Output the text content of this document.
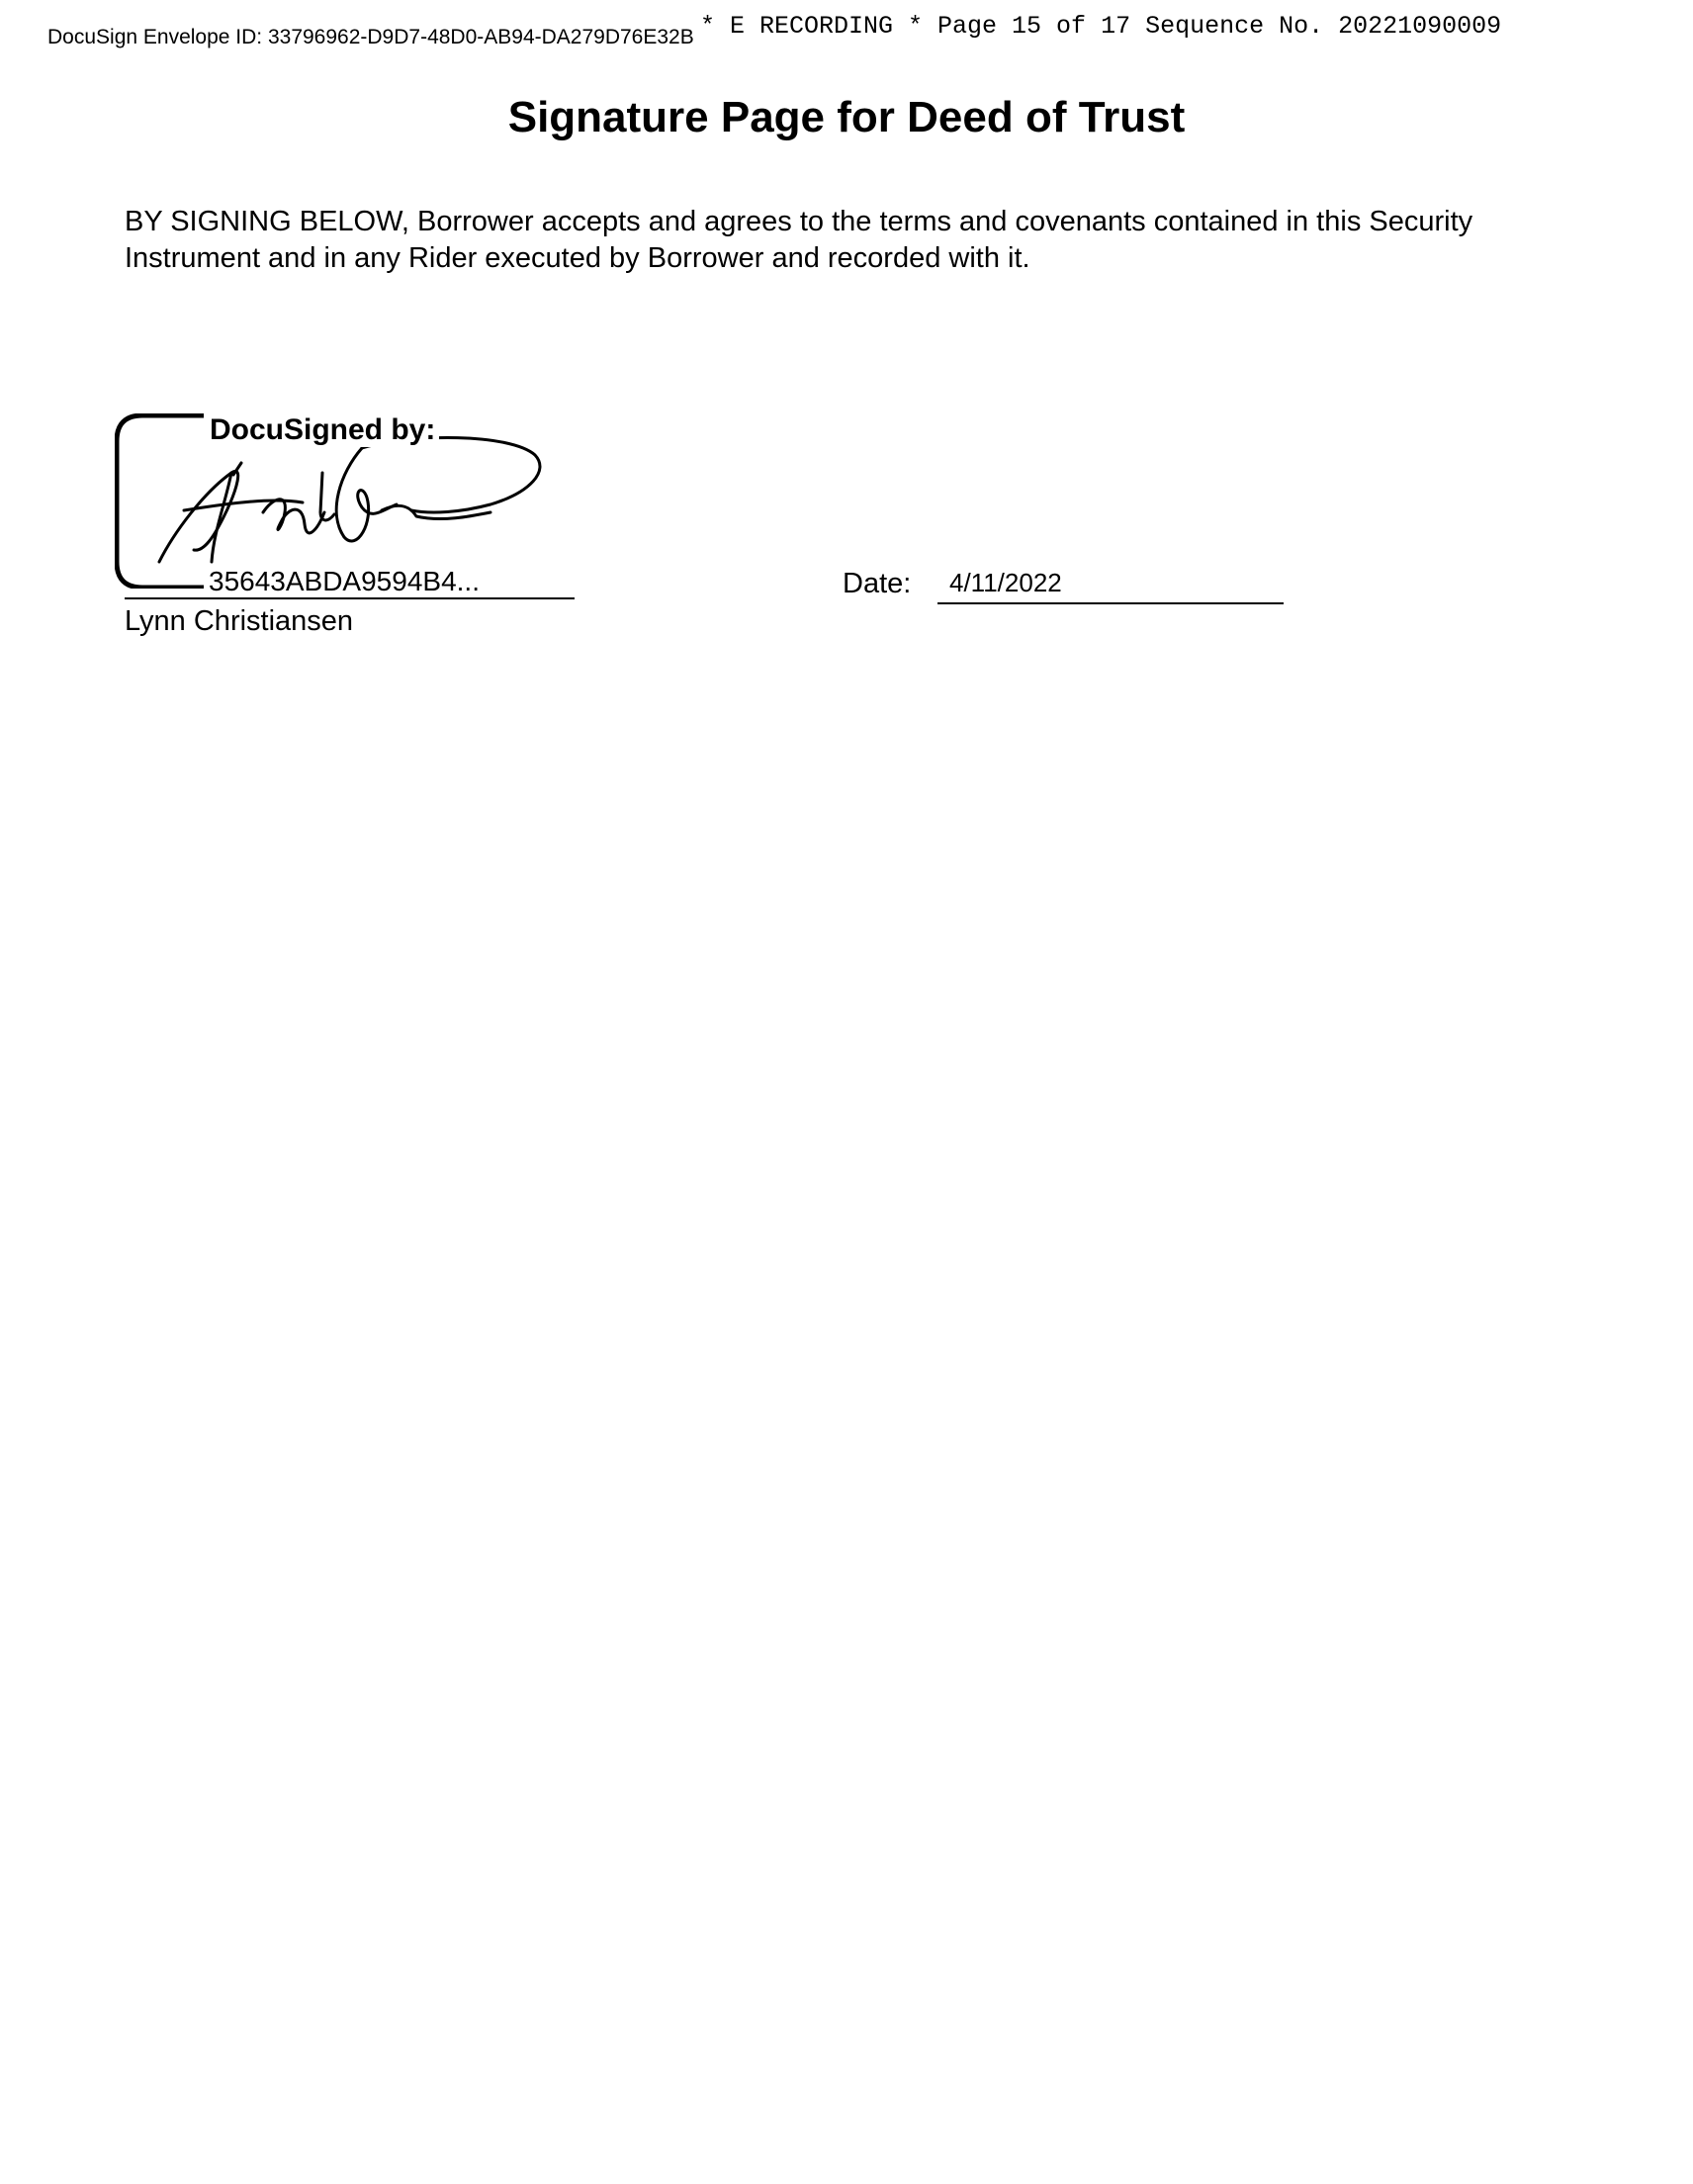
DocuSign Envelope ID: 33796962-D9D7-48D0-AB94-DA279D76E32B * E RECORDING * Page 15 of 17 Sequence No. 20221090009
Signature Page for Deed of Trust
BY SIGNING BELOW, Borrower accepts and agrees to the terms and covenants contained in this Security Instrument and in any Rider executed by Borrower and recorded with it.
DocuSigned by:
35643ABDA9594B4...
Lynn Christiansen
Date: 4/11/2022
